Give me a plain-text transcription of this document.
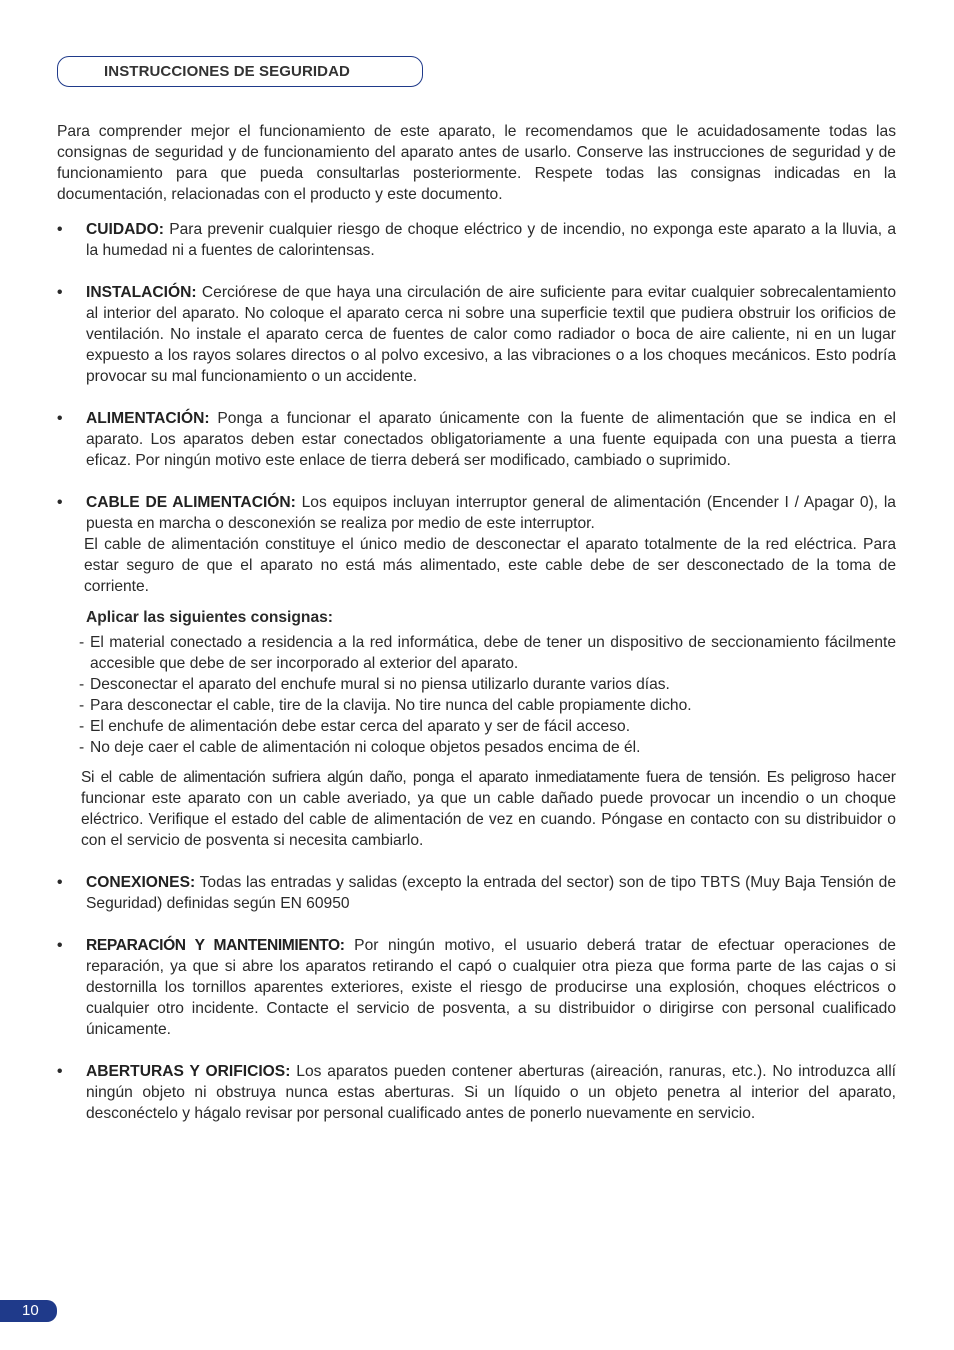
INSTRUCCIONES DE SEGURIDAD

Para comprender mejor el funcionamiento de este aparato, le recomendamos que le acuidadosamente todas las consignas de seguridad y de funcionamiento del aparato antes de usarlo. Conserve las instrucciones de seguridad y de funcionamiento para que pueda consultarlas posteriormente. Respete todas las consignas indicadas en la documentación, relacionadas con el producto y este documento.

• CUIDADO: Para prevenir cualquier riesgo de choque eléctrico y de incendio, no exponga este aparato a la lluvia, a la humedad ni a fuentes de calorintensas.
• INSTALACIÓN: Cerciórese de que haya una circulación de aire suficiente para evitar cualquier sobrecalentamiento al interior del aparato. No coloque el aparato cerca ni sobre una superficie textil que pudiera obstruir los orificios de ventilación. No instale el aparato cerca de fuentes de calor como radiador o boca de aire caliente, ni en un lugar expuesto a los rayos solares directos o al polvo excesivo, a las vibraciones o a los choques mecánicos. Esto podría provocar su mal funcionamiento o un accidente.
• ALIMENTACIÓN: Ponga a funcionar el aparato únicamente con la fuente de alimentación que se indica en el aparato. Los aparatos deben estar conectados obligatoriamente a una fuente equipada con una puesta a tierra eficaz. Por ningún motivo este enlace de tierra deberá ser modificado, cambiado o suprimido.
• CABLE DE ALIMENTACIÓN: Los equipos incluyan interruptor general de alimentación (Encender I / Apagar 0), la puesta en marcha o desconexión se realiza por medio de este interruptor.

El cable de alimentación constituye el único medio de desconectar el aparato totalmente de la red eléctrica. Para estar seguro de que el aparato no está más alimentado, este cable debe de ser desconectado de la toma de corriente.

Aplicar las siguientes consignas:

- El material conectado a residencia a la red informática, debe de tener un dispositivo de seccionamiento fácilmente accesible que debe de ser incorporado al exterior del aparato.
- Desconectar el aparato del enchufe mural si no piensa utilizarlo durante varios días.
- Para desconectar el cable, tire de la clavija. No tire nunca del cable propiamente dicho.
- El enchufe de alimentación debe estar cerca del aparato y ser de fácil acceso.
- No deje caer el cable de alimentación ni coloque objetos pesados encima de él.

Si el cable de alimentación sufriera algún daño, ponga el aparato inmediatamente fuera de tensión. Es peligroso hacer funcionar este aparato con un cable averiado, ya que un cable dañado puede provocar un incendio o un choque eléctrico. Verifique el estado del cable de alimentación de vez en cuando. Póngase en contacto con su distribuidor o con el servicio de posventa si necesita cambiarlo.

• CONEXIONES: Todas las entradas y salidas (excepto la entrada del sector) son de tipo TBTS (Muy Baja Tensión de Seguridad) definidas según EN 60950
• REPARACIÓN Y MANTENIMIENTO: Por ningún motivo, el usuario deberá tratar de efectuar operaciones de reparación, ya que si abre los aparatos retirando el capó o cualquier otra pieza que forma parte de las cajas o si destornilla los tornillos aparentes exteriores, existe el riesgo de producirse una explosión, choques eléctricos o cualquier otro incidente. Contacte el servicio de posventa, a su distribuidor o dirigirse con personal cualificado únicamente.
• ABERTURAS Y ORIFICIOS: Los aparatos pueden contener aberturas (aireación, ranuras, etc.). No introduzca allí ningún objeto ni obstruya nunca estas aberturas. Si un líquido o un objeto penetra al interior del aparato, desconéctelo y hágalo revisar por personal cualificado antes de ponerlo nuevamente en servicio.
10
